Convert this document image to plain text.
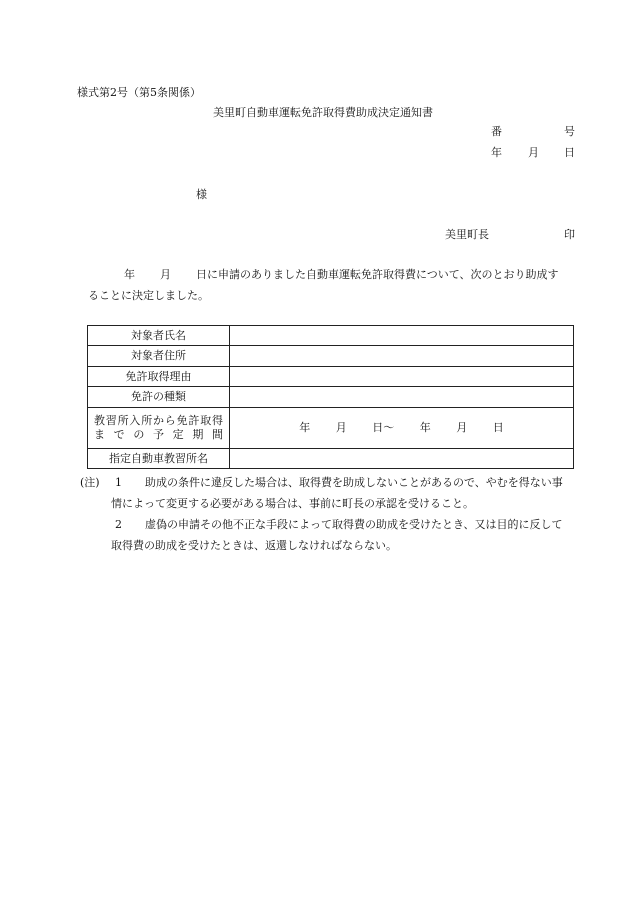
様式第2号（第5条関係）
美里町自動車運転免許取得費助成決定通知書
番	号
年 月 日
様
美里町長	印
年 月 日に申請のありました自動車運転免許取得費について、次のとおり助成す
ることに決定しました。
対象者氏名	
対象者住所	
免許取得理由	
免許の種類	
教習所入所から免許取得までの予定期間	年 月 日〜 年 月 日
指定自動車教習所名	
(注) 1 助成の条件に違反した場合は、取得費を助成しないことがあるので、やむを得ない事
情によって変更する必要がある場合は、事前に町長の承認を受けること。
2 虚偽の申請その他不正な手段によって取得費の助成を受けたとき、又は目的に反して
取得費の助成を受けたときは、返還しなければならない。
